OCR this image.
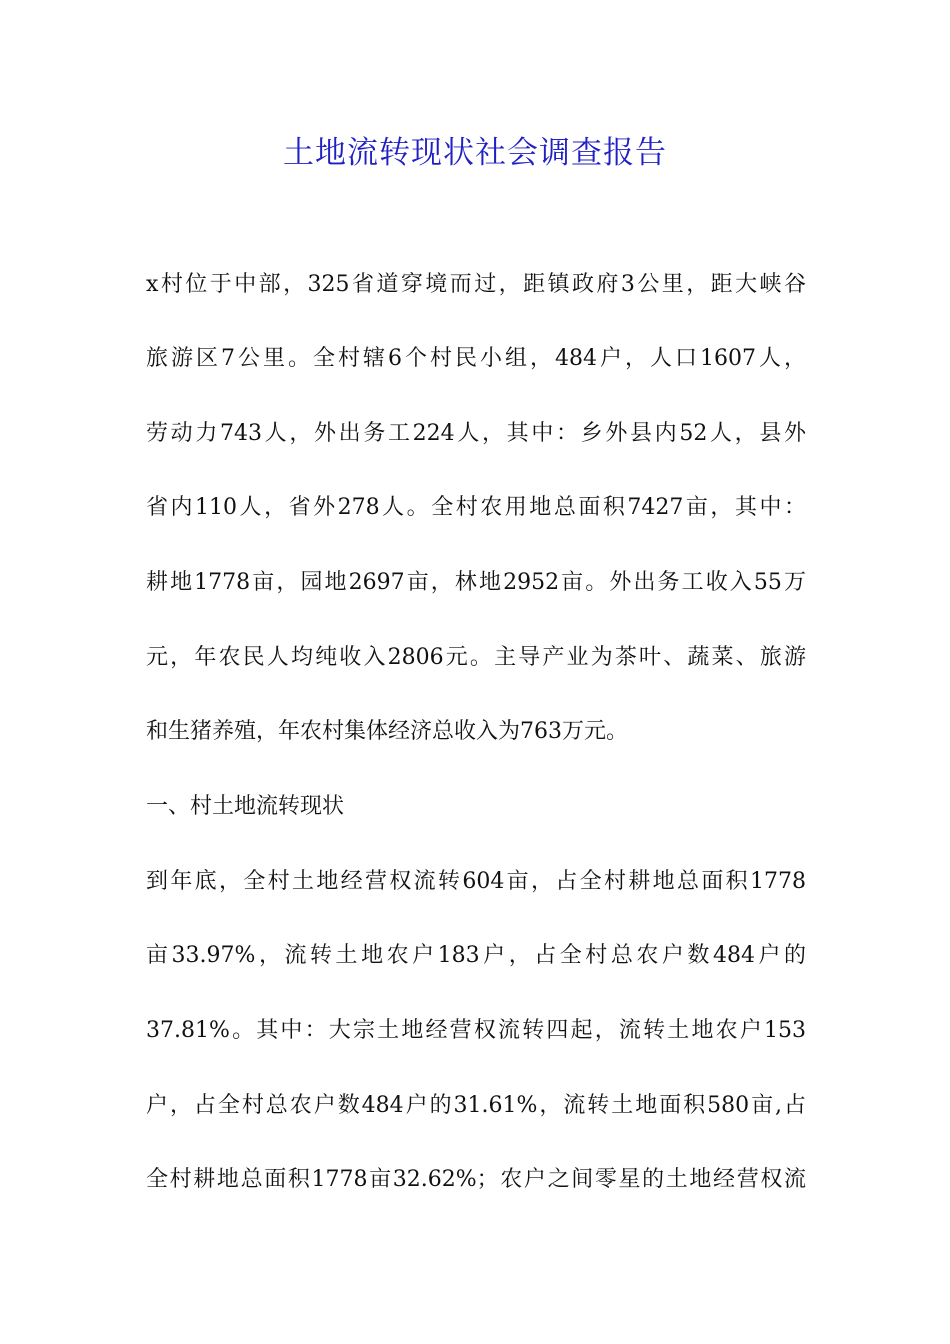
土地流转现状社会调查报告
x村位于中部，325省道穿境而过，距镇政府3公里，距大峡谷
旅游区7公里。全村辖6个村民小组，484户，人口1607人，
劳动力743人，外出务工224人，其中：乡外县内52人，县外
省内110人，省外278人。全村农用地总面积7427亩，其中：
耕地1778亩，园地2697亩，林地2952亩。外出务工收入55万
元，年农民人均纯收入2806元。主导产业为茶叶、蔬菜、旅游
和生猪养殖，年农村集体经济总收入为763万元。
一、村土地流转现状
到年底，全村土地经营权流转604亩，占全村耕地总面积1778
亩33.97%，流转土地农户183户，占全村总农户数484户的
37.81%。其中：大宗土地经营权流转四起，流转土地农户153
户，占全村总农户数484户的31.61%，流转土地面积580亩,占
全村耕地总面积1778亩32.62%；农户之间零星的土地经营权流
